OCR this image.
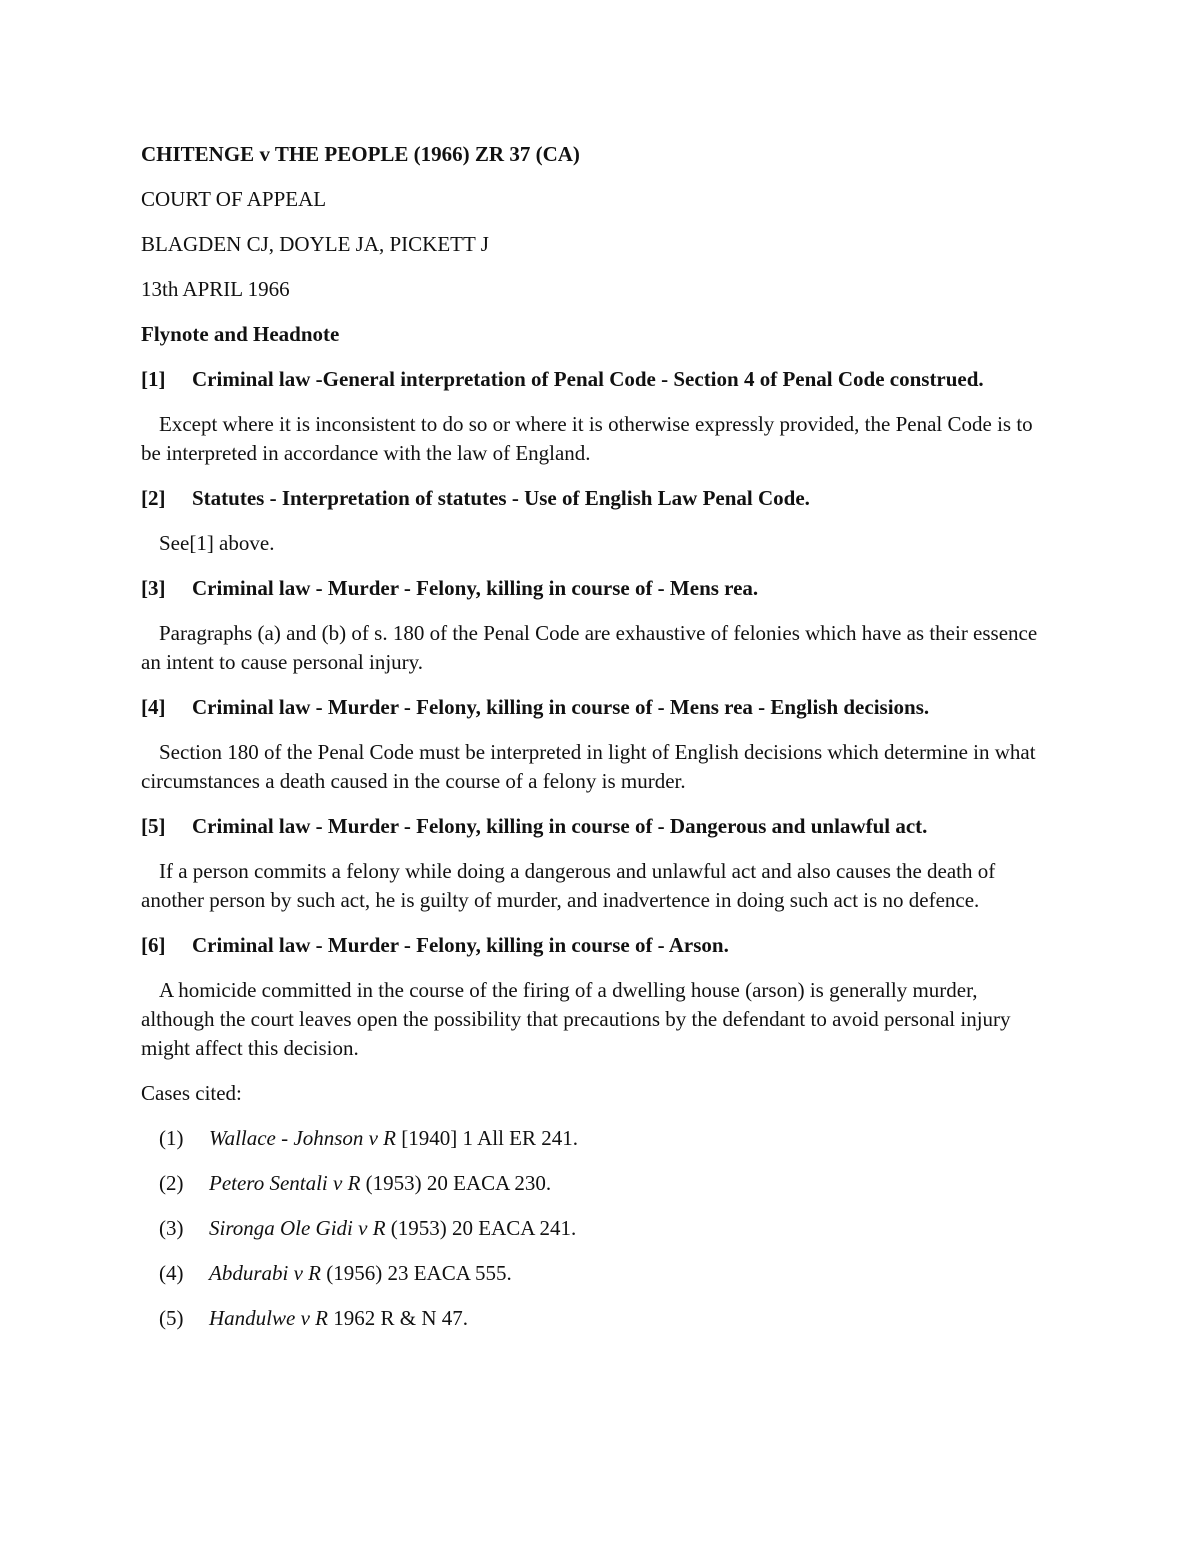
CHITENGE v THE PEOPLE (1966) ZR 37 (CA)

COURT OF APPEAL

BLAGDEN CJ, DOYLE JA, PICKETT J

13th APRIL 1966

Flynote and Headnote

[1] Criminal law -General interpretation of Penal Code - Section 4 of Penal Code construed.

Except where it is inconsistent to do so or where it is otherwise expressly provided, the Penal Code is to be interpreted in accordance with the law of England.

[2] Statutes - Interpretation of statutes - Use of English Law Penal Code.

See[1] above.

[3] Criminal law - Murder - Felony, killing in course of - Mens rea.

Paragraphs (a) and (b) of s. 180 of the Penal Code are exhaustive of felonies which have as their essence an intent to cause personal injury.

[4] Criminal law - Murder - Felony, killing in course of - Mens rea - English decisions.

Section 180 of the Penal Code must be interpreted in light of English decisions which determine in what circumstances a death caused in the course of a felony is murder.

[5] Criminal law - Murder - Felony, killing in course of - Dangerous and unlawful act.

If a person commits a felony while doing a dangerous and unlawful act and also causes the death of another person by such act, he is guilty of murder, and inadvertence in doing such act is no defence.

[6] Criminal law - Murder - Felony, killing in course of - Arson.

A homicide committed in the course of the firing of a dwelling house (arson) is generally murder, although the court leaves open the possibility that precautions by the defendant to avoid personal injury might affect this decision.

Cases cited:

(1) Wallace - Johnson v R [1940] 1 All ER 241.
(2) Petero Sentali v R (1953) 20 EACA 230.
(3) Sironga Ole Gidi v R (1953) 20 EACA 241.
(4) Abdurabi v R (1956) 23 EACA 555.
(5) Handulwe v R 1962 R & N 47.
